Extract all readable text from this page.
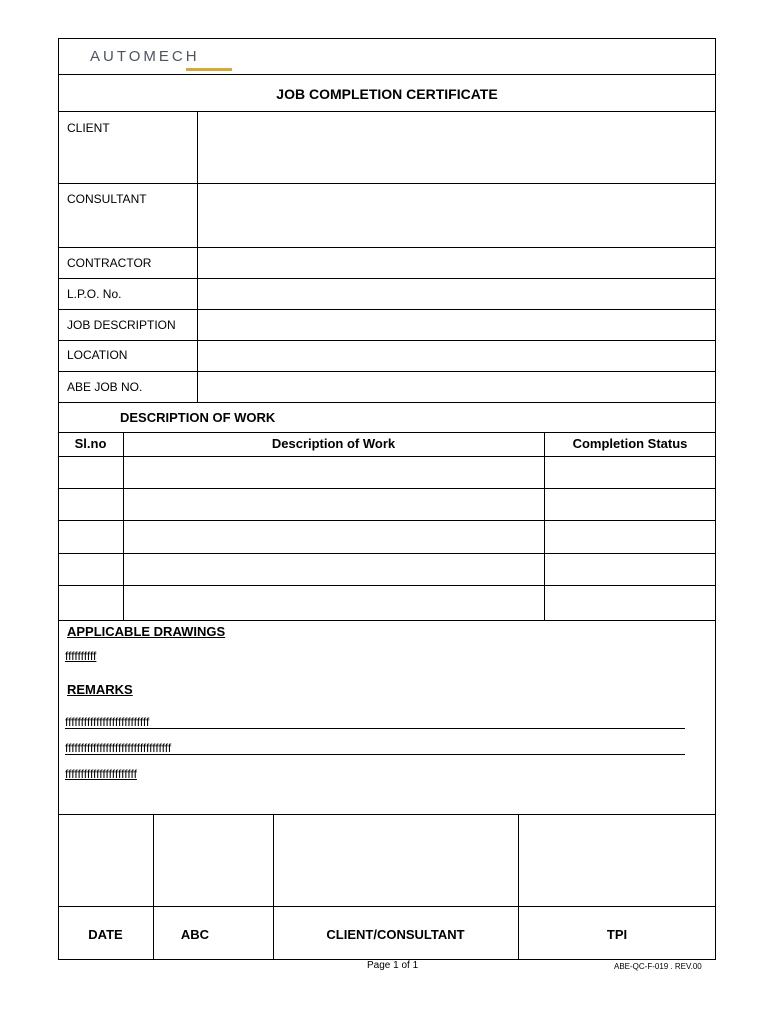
AUTOMECH
JOB COMPLETION CERTIFICATE
CLIENT
CONSULTANT
CONTRACTOR
L.P.O. No.
JOB DESCRIPTION
LOCATION
ABE JOB NO.
DESCRIPTION OF WORK
Sl.no	Description of Work	Completion Status
APPLICABLE DRAWINGS
ffffffffff
REMARKS
fffffffffffffffffffffffffff
ffffffffffffffffffffffffffffffffff
fffffffffffffffffffffff
DATE	ABC	CLIENT/CONSULTANT	TPI
Page 1 of 1	ABE-QC-F-019 . REV.00
